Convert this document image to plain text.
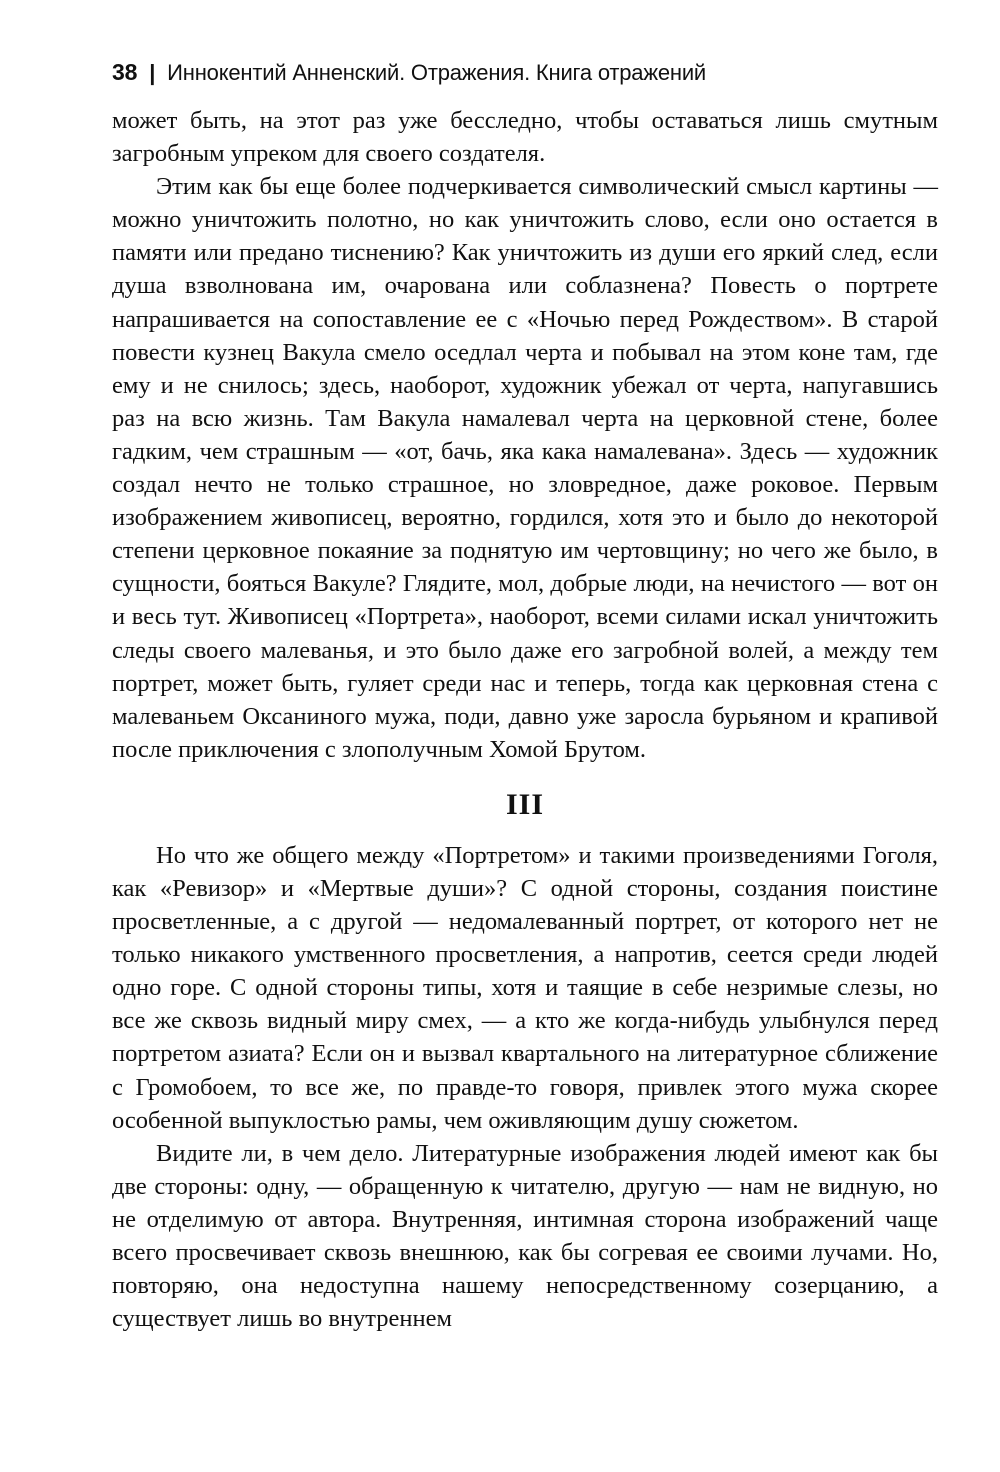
38 | Иннокентий Анненский. Отражения. Книга отражений

может быть, на этот раз уже бесследно, чтобы оставаться лишь смутным загробным упреком для своего создателя.

Этим как бы еще более подчеркивается символический смысл картины — можно уничтожить полотно, но как уничтожить слово, если оно остается в памяти или предано тиснению? Как уничтожить из души его яркий след, если душа взволнована им, очарована или соблазнена? Повесть о портрете напрашивается на сопоставление ее с «Ночью перед Рождеством». В старой повести кузнец Вакула смело оседлал черта и побывал на этом коне там, где ему и не снилось; здесь, наоборот, художник убежал от черта, напугавшись раз на всю жизнь. Там Вакула намалевал черта на церковной стене, более гадким, чем страшным — «от, бачь, яка кака намалевана». Здесь — художник создал нечто не только страшное, но зловредное, даже роковое. Первым изображением живописец, вероятно, гордился, хотя это и было до некоторой степени церковное покаяние за поднятую им чертовщину; но чего же было, в сущности, бояться Вакуле? Глядите, мол, добрые люди, на нечистого — вот он и весь тут. Живописец «Портрета», наоборот, всеми силами искал уничтожить следы своего малеванья, и это было даже его загробной волей, а между тем портрет, может быть, гуляет среди нас и теперь, тогда как церковная стена с малеваньем Оксаниного мужа, поди, давно уже заросла бурьяном и крапивой после приключения с злополучным Хомой Брутом.

III

Но что же общего между «Портретом» и такими произведениями Гоголя, как «Ревизор» и «Мертвые души»? С одной стороны, создания поистине просветленные, а с другой — недомалеванный портрет, от которого нет не только никакого умственного просветления, а напротив, сеется среди людей одно горе. С одной стороны типы, хотя и таящие в себе незримые слезы, но все же сквозь видный миру смех, — а кто же когда-нибудь улыбнулся перед портретом азиата? Если он и вызвал квартального на литературное сближение с Громобоем, то все же, по правде-то говоря, привлек этого мужа скорее особенной выпуклостью рамы, чем оживляющим душу сюжетом.

Видите ли, в чем дело. Литературные изображения людей имеют как бы две стороны: одну, — обращенную к читателю, другую — нам не видную, но не отделимую от автора. Внутренняя, интимная сторона изображений чаще всего просвечивает сквозь внешнюю, как бы согревая ее своими лучами. Но, повторяю, она недоступна нашему непосредственному созерцанию, а существует лишь во внутреннем
